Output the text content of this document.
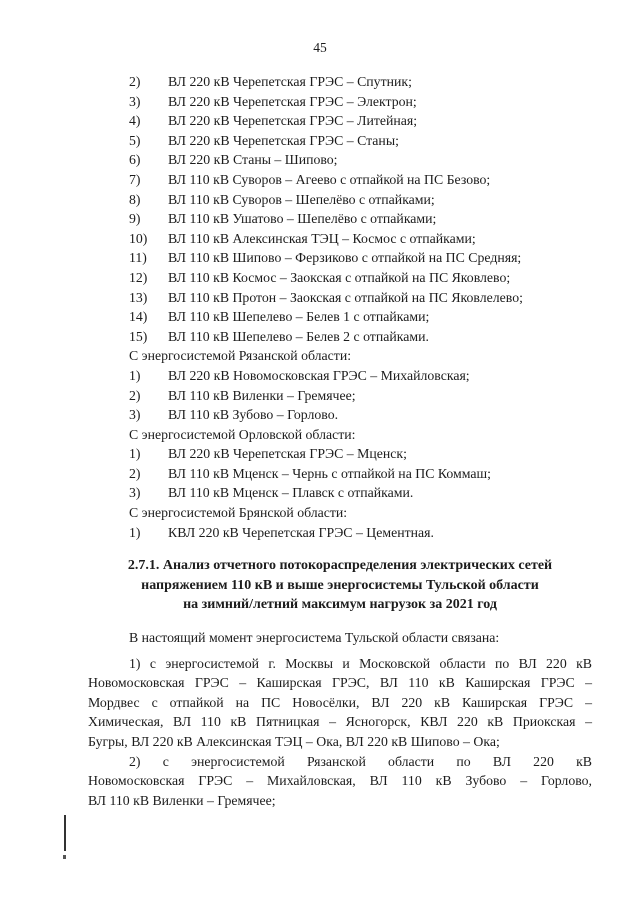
45
2) ВЛ 220 кВ Черепетская ГРЭС – Спутник;
3) ВЛ 220 кВ Черепетская ГРЭС – Электрон;
4) ВЛ 220 кВ Черепетская ГРЭС – Литейная;
5) ВЛ 220 кВ Черепетская ГРЭС – Станы;
6) ВЛ 220 кВ Станы – Шипово;
7) ВЛ 110 кВ Суворов – Агеево с отпайкой на ПС Безово;
8) ВЛ 110 кВ Суворов – Шепелёво с отпайками;
9) ВЛ 110 кВ Ушатово – Шепелёво с отпайками;
10) ВЛ 110 кВ Алексинская ТЭЦ – Космос с отпайками;
11) ВЛ 110 кВ Шипово – Ферзиково с отпайкой на ПС Средняя;
12) ВЛ 110 кВ Космос – Заокская с отпайкой на ПС Яковлево;
13) ВЛ 110 кВ Протон – Заокская с отпайкой на ПС Яковлелево;
14) ВЛ 110 кВ Шепелево – Белев 1 с отпайками;
15) ВЛ 110 кВ Шепелево – Белев 2 с отпайками.
С энергосистемой Рязанской области:
1) ВЛ 220 кВ Новомосковская ГРЭС – Михайловская;
2) ВЛ 110 кВ Виленки – Гремячее;
3) ВЛ 110 кВ Зубово – Горлово.
С энергосистемой Орловской области:
1) ВЛ 220 кВ Черепетская ГРЭС – Мценск;
2) ВЛ 110 кВ Мценск – Чернь с отпайкой на ПС Коммаш;
3) ВЛ 110 кВ Мценск – Плавск с отпайками.
С энергосистемой Брянской области:
1) КВЛ 220 кВ Черепетская ГРЭС – Цементная.
2.7.1. Анализ отчетного потокораспределения электрических сетей
напряжением 110 кВ и выше энергосистемы Тульской области
на зимний/летний максимум нагрузок за 2021 год
В настоящий момент энергосистема Тульской области связана:
1) с энергосистемой г. Москвы и Московской области по ВЛ 220 кВ
Новомосковская ГРЭС – Каширская ГРЭС, ВЛ 110 кВ Каширская ГРЭС –
Мордвес с отпайкой на ПС Новосёлки, ВЛ 220 кВ Каширская ГРЭС –
Химическая, ВЛ 110 кВ Пятницкая – Ясногорск, КВЛ 220 кВ Приокская –
Бугры, ВЛ 220 кВ Алексинская ТЭЦ – Ока, ВЛ 220 кВ Шипово – Ока;
2) с энергосистемой Рязанской области по ВЛ 220 кВ
Новомосковская ГРЭС – Михайловская, ВЛ 110 кВ Зубово – Горлово,
ВЛ 110 кВ Виленки – Гремячее;
